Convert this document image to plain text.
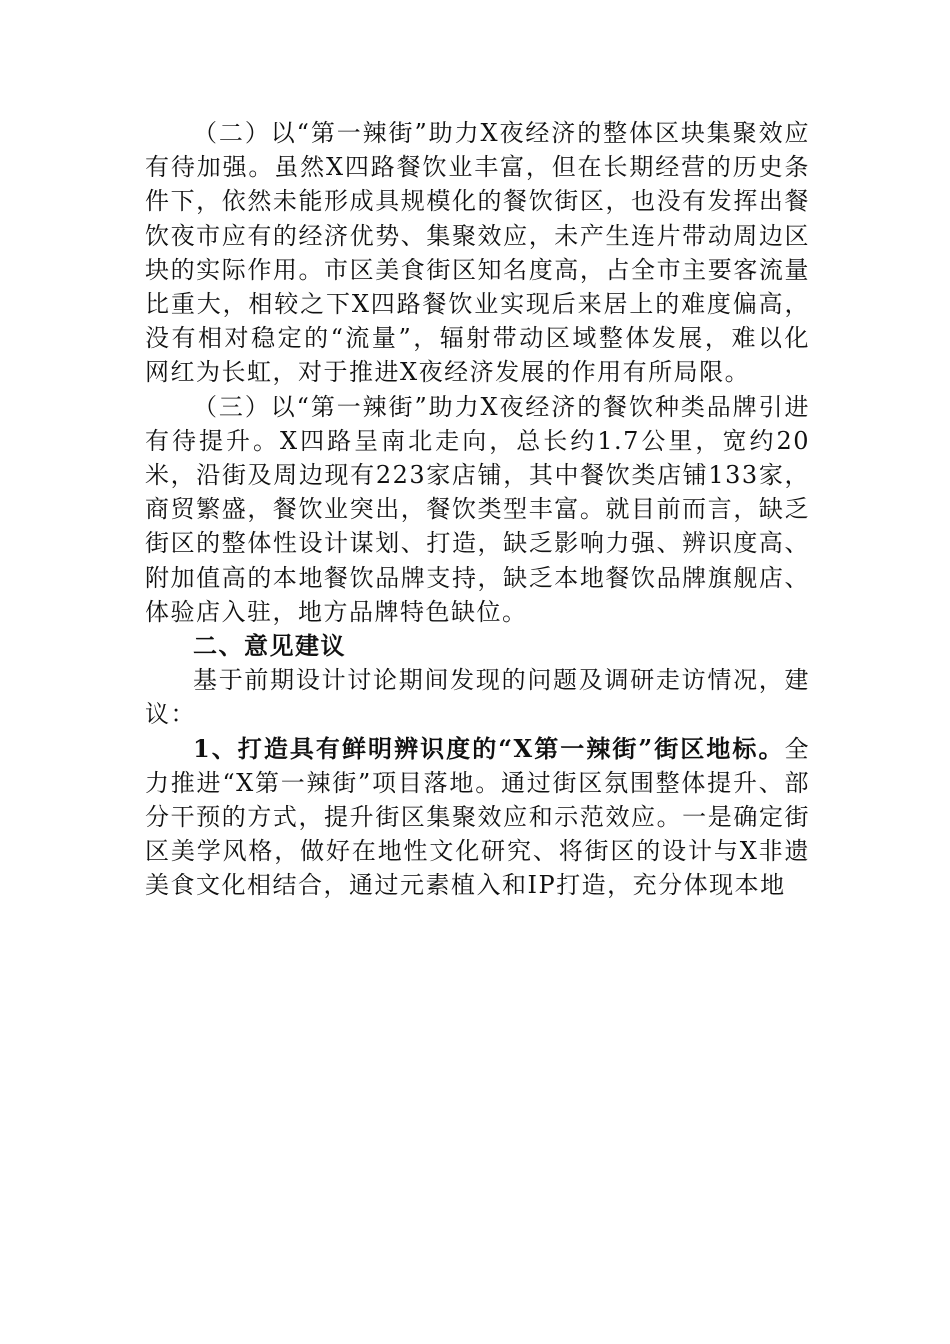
（二）以“第一辣街”助力X夜经济的整体区块集聚效应有待加强。虽然X四路餐饮业丰富，但在长期经营的历史条件下，依然未能形成具规模化的餐饮街区，也没有发挥出餐饮夜市应有的经济优势、集聚效应，未产生连片带动周边区块的实际作用。市区美食街区知名度高，占全市主要客流量比重大，相较之下X四路餐饮业实现后来居上的难度偏高，没有相对稳定的“流量”，辐射带动区域整体发展，难以化网红为长虹，对于推进X夜经济发展的作用有所局限。

（三）以“第一辣街”助力X夜经济的餐饮种类品牌引进有待提升。X四路呈南北走向，总长约1.7公里，宽约20米，沿街及周边现有223家店铺，其中餐饮类店铺133家，商贸繁盛，餐饮业突出，餐饮类型丰富。就目前而言，缺乏街区的整体性设计谋划、打造，缺乏影响力强、辨识度高、附加值高的本地餐饮品牌支持，缺乏本地餐饮品牌旗舰店、体验店入驻，地方品牌特色缺位。

二、意见建议

基于前期设计讨论期间发现的问题及调研走访情况，建议：

1、打造具有鲜明辨识度的“X第一辣街”街区地标。全力推进“X第一辣街”项目落地。通过街区氛围整体提升、部分干预的方式，提升街区集聚效应和示范效应。一是确定街区美学风格，做好在地性文化研究、将街区的设计与X非遗美食文化相结合，通过元素植入和IP打造，充分体现本地
